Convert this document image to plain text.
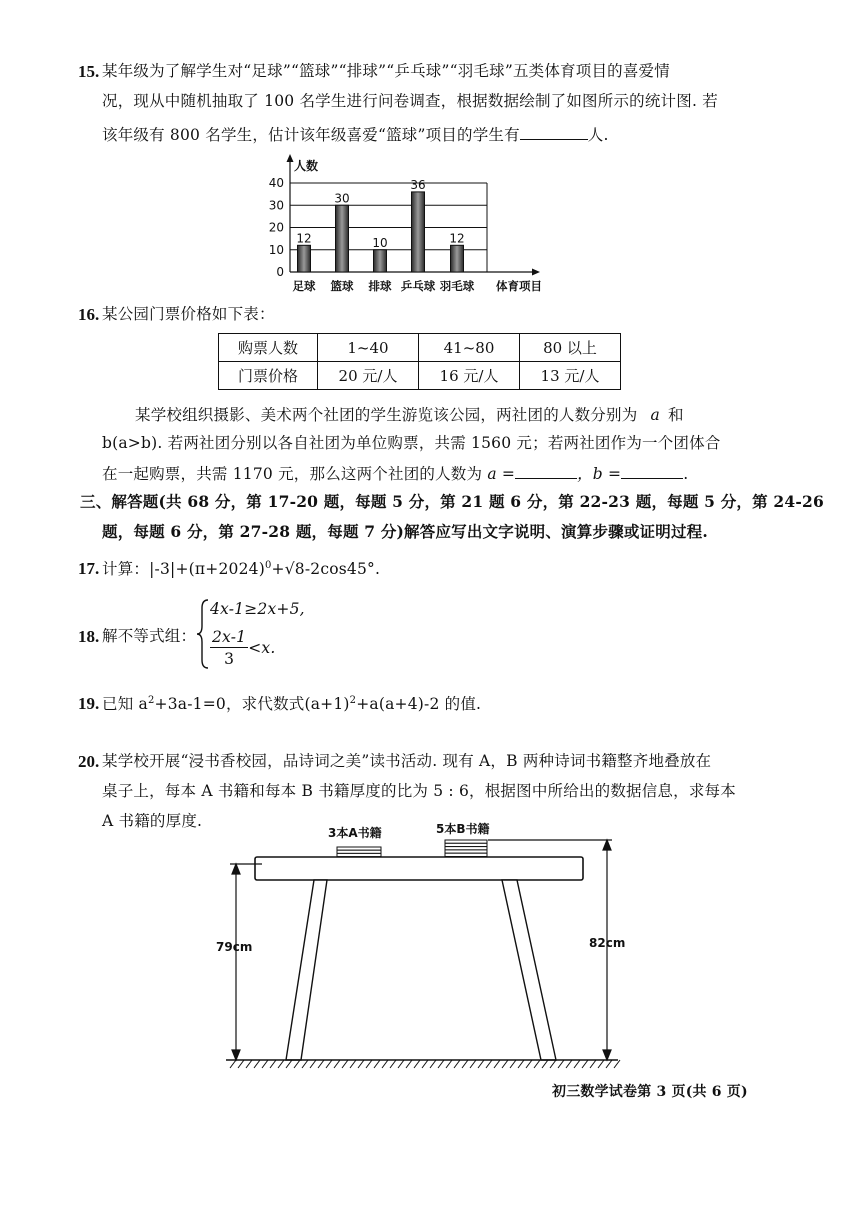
15. 某年级为了解学生对“足球”“篮球”“排球”“乒乓球”“羽毛球”五类体育项目的喜爱情
况，现从中随机抽取了 100 名学生进行问卷调查，根据数据绘制了如图所示的统计图. 若
该年级有 800 名学生，估计该年级喜爱“篮球”项目的学生有	人.
0
10
20
30
40
人数
体育项目
12
足球
30
篮球
10
排球
36
乒乓球
12
羽毛球
16. 某公园门票价格如下表：
购票人数	1~40	41~80	80 以上
门票价格	20 元/人	16 元/人	13 元/人
某学校组织摄影、美术两个社团的学生游览该公园，两社团的人数分别为 a 和
b(a>b). 若两社团分别以各自社团为单位购票，共需 1560 元；若两社团作为一个团体合
在一起购票，共需 1170 元，那么这两个社团的人数为 a =	，b =	.
三、解答题(共 68 分，第 17-20 题，每题 5 分，第 21 题 6 分，第 22-23 题，每题 5 分，第 24-26
题，每题 6 分，第 27-28 题，每题 7 分)解答应写出文字说明、演算步骤或证明过程.
17. 计算：$|-3|+(\pi+2024)^0+√8-2\cos 45^\circ$.
18. 解不等式组：
4x-1≥2x+5,
$\frac{2x-1}{3} <x$.
19. 已知 $a^2+3a-1=0$，求代数式$(a+1)^2+a(a+4)-2$ 的值.
20. 某学校开展“浸书香校园，品诗词之美”读书活动. 现有 A，B 两种诗词书籍整齐地叠放在
桌子上，每本 A 书籍和每本 B 书籍厚度的比为 5 : 6，根据图中所给出的数据信息，求每本
A 书籍的厚度.
3本A书籍	5本B书籍
79cm	82cm
初三数学试卷第 3 页(共 6 页)
